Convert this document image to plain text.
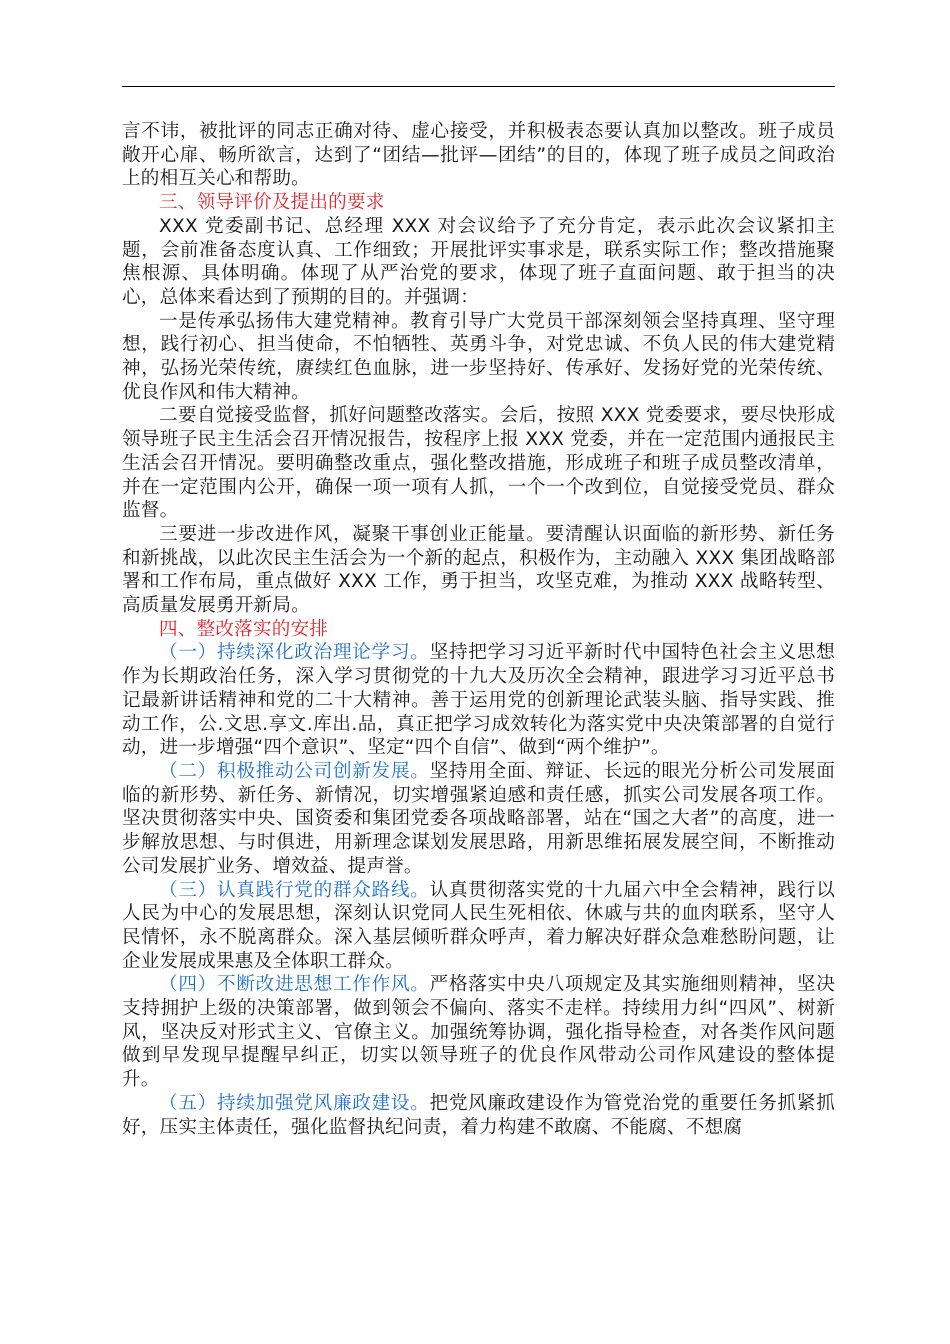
言不讳，被批评的同志正确对待、虚心接受，并积极表态要认真加以整改。班子成员敞开心扉、畅所欲言，达到了“团结—批评—团结”的目的，体现了班子成员之间政治上的相互关心和帮助。

三、领导评价及提出的要求

XXX 党委副书记、总经理 XXX 对会议给予了充分肯定，表示此次会议紧扣主题，会前准备态度认真、工作细致；开展批评实事求是，联系实际工作；整改措施聚焦根源、具体明确。体现了从严治党的要求，体现了班子直面问题、敢于担当的决心，总体来看达到了预期的目的。并强调：

一是传承弘扬伟大建党精神。教育引导广大党员干部深刻领会坚持真理、坚守理想，践行初心、担当使命，不怕牺牲、英勇斗争，对党忠诚、不负人民的伟大建党精神，弘扬光荣传统，赓续红色血脉，进一步坚持好、传承好、发扬好党的光荣传统、优良作风和伟大精神。

二要自觉接受监督，抓好问题整改落实。会后，按照 XXX 党委要求，要尽快形成领导班子民主生活会召开情况报告，按程序上报 XXX 党委，并在一定范围内通报民主生活会召开情况。要明确整改重点，强化整改措施，形成班子和班子成员整改清单，并在一定范围内公开，确保一项一项有人抓，一个一个改到位，自觉接受党员、群众监督。

三要进一步改进作风，凝聚干事创业正能量。要清醒认识面临的新形势、新任务和新挑战，以此次民主生活会为一个新的起点，积极作为，主动融入 XXX 集团战略部署和工作布局，重点做好 XXX 工作，勇于担当，攻坚克难，为推动 XXX 战略转型、高质量发展勇开新局。

四、整改落实的安排

（一）持续深化政治理论学习。坚持把学习习近平新时代中国特色社会主义思想作为长期政治任务，深入学习贯彻党的十九大及历次全会精神，跟进学习习近平总书记最新讲话精神和党的二十大精神。善于运用党的创新理论武装头脑、指导实践、推动工作，公.文思.享文.库出.品，真正把学习成效转化为落实党中央决策部署的自觉行动，进一步增强“四个意识”、坚定“四个自信”、做到“两个维护”。

（二）积极推动公司创新发展。坚持用全面、辩证、长远的眼光分析公司发展面临的新形势、新任务、新情况，切实增强紧迫感和责任感，抓实公司发展各项工作。坚决贯彻落实中央、国资委和集团党委各项战略部署，站在“国之大者”的高度，进一步解放思想、与时俱进，用新理念谋划发展思路，用新思维拓展发展空间，不断推动公司发展扩业务、增效益、提声誉。

（三）认真践行党的群众路线。认真贯彻落实党的十九届六中全会精神，践行以人民为中心的发展思想，深刻认识党同人民生死相依、休戚与共的血肉联系，坚守人民情怀，永不脱离群众。深入基层倾听群众呼声，着力解决好群众急难愁盼问题，让企业发展成果惠及全体职工群众。

（四）不断改进思想工作作风。严格落实中央八项规定及其实施细则精神，坚决支持拥护上级的决策部署，做到领会不偏向、落实不走样。持续用力纠“四风”、树新风，坚决反对形式主义、官僚主义。加强统筹协调，强化指导检查，对各类作风问题做到早发现早提醒早纠正，切实以领导班子的优良作风带动公司作风建设的整体提升。

（五）持续加强党风廉政建设。把党风廉政建设作为管党治党的重要任务抓紧抓好，压实主体责任，强化监督执纪问责，着力构建不敢腐、不能腐、不想腐
